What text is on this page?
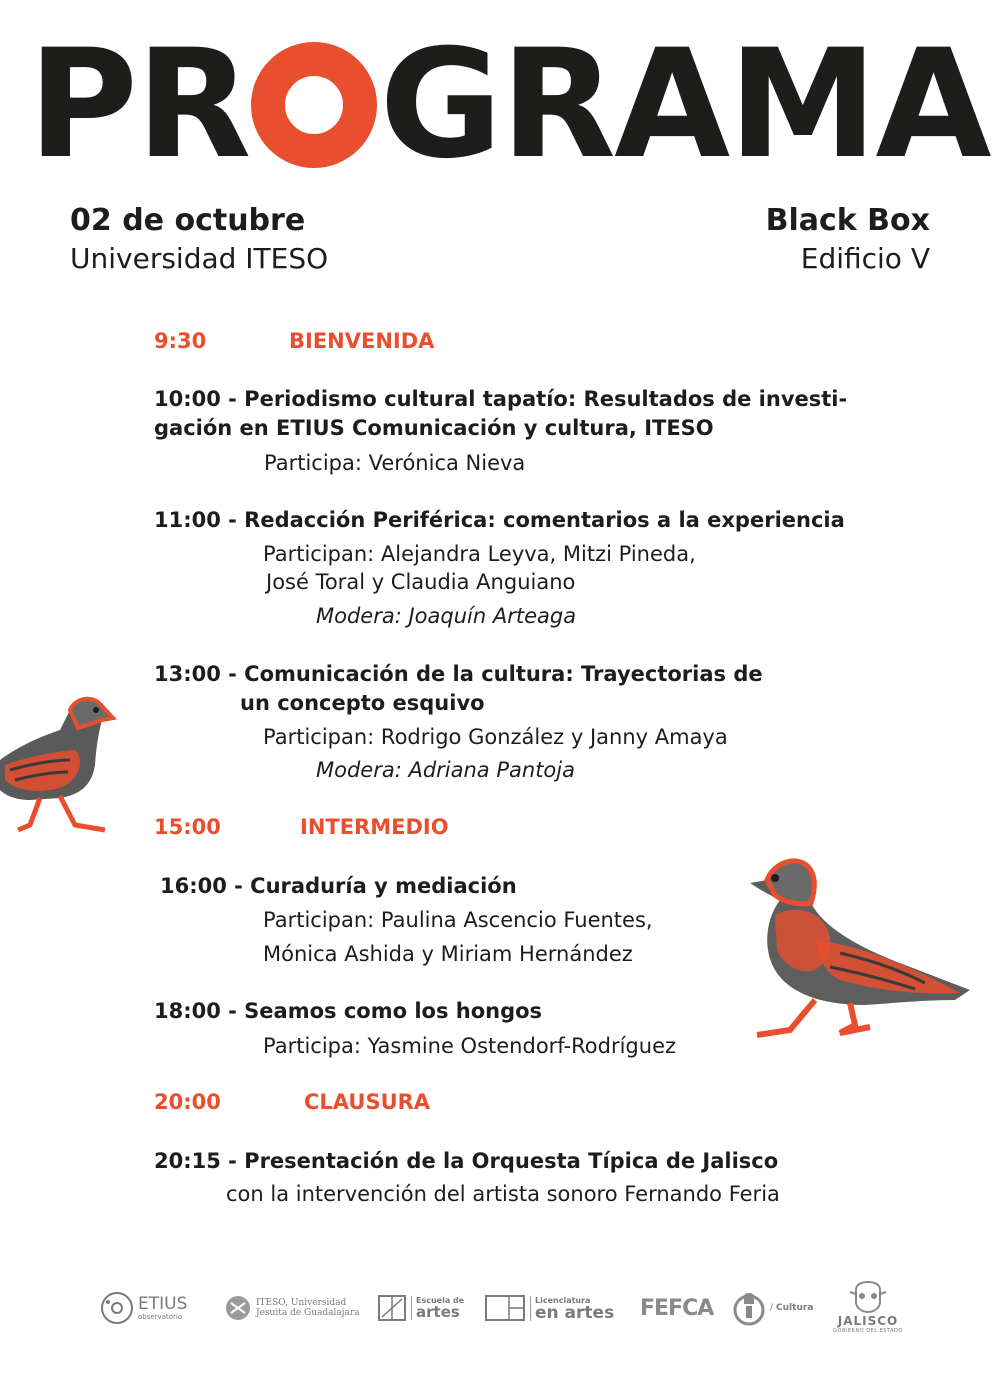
P R G R A M A
02 de octubre
Universidad ITESO
Black Box
Edificio V
9:30	BIENVENIDA
10:00 - Periodismo cultural tapatío: Resultados de investi-
gación en ETIUS Comunicación y cultura, ITESO
Participa: Verónica Nieva
11:00 - Redacción Periférica: comentarios a la experiencia
Participan: Alejandra Leyva, Mitzi Pineda,
José Toral y Claudia Anguiano
Modera: Joaquín Arteaga
13:00 - Comunicación de la cultura: Trayectorias de
un concepto esquivo
Participan: Rodrigo González y Janny Amaya
Modera: Adriana Pantoja
15:00	INTERMEDIO
16:00 - Curaduría y mediación
Participan: Paulina Ascencio Fuentes,
Mónica Ashida y Miriam Hernández
18:00 - Seamos como los hongos
Participa: Yasmine Ostendorf-Rodríguez
20:00	CLAUSURA
20:15 - Presentación de la Orquesta Típica de Jalisco
con la intervención del artista sonoro Fernando Feria
ETIUS
observatorio
ITESO, Universidad
Jesuita de Guadalajara
Escuela de
artes
Licenciatura
en artes FEFCA	/ Cultura
JALISCO
GOBIERNO DEL ESTADO
